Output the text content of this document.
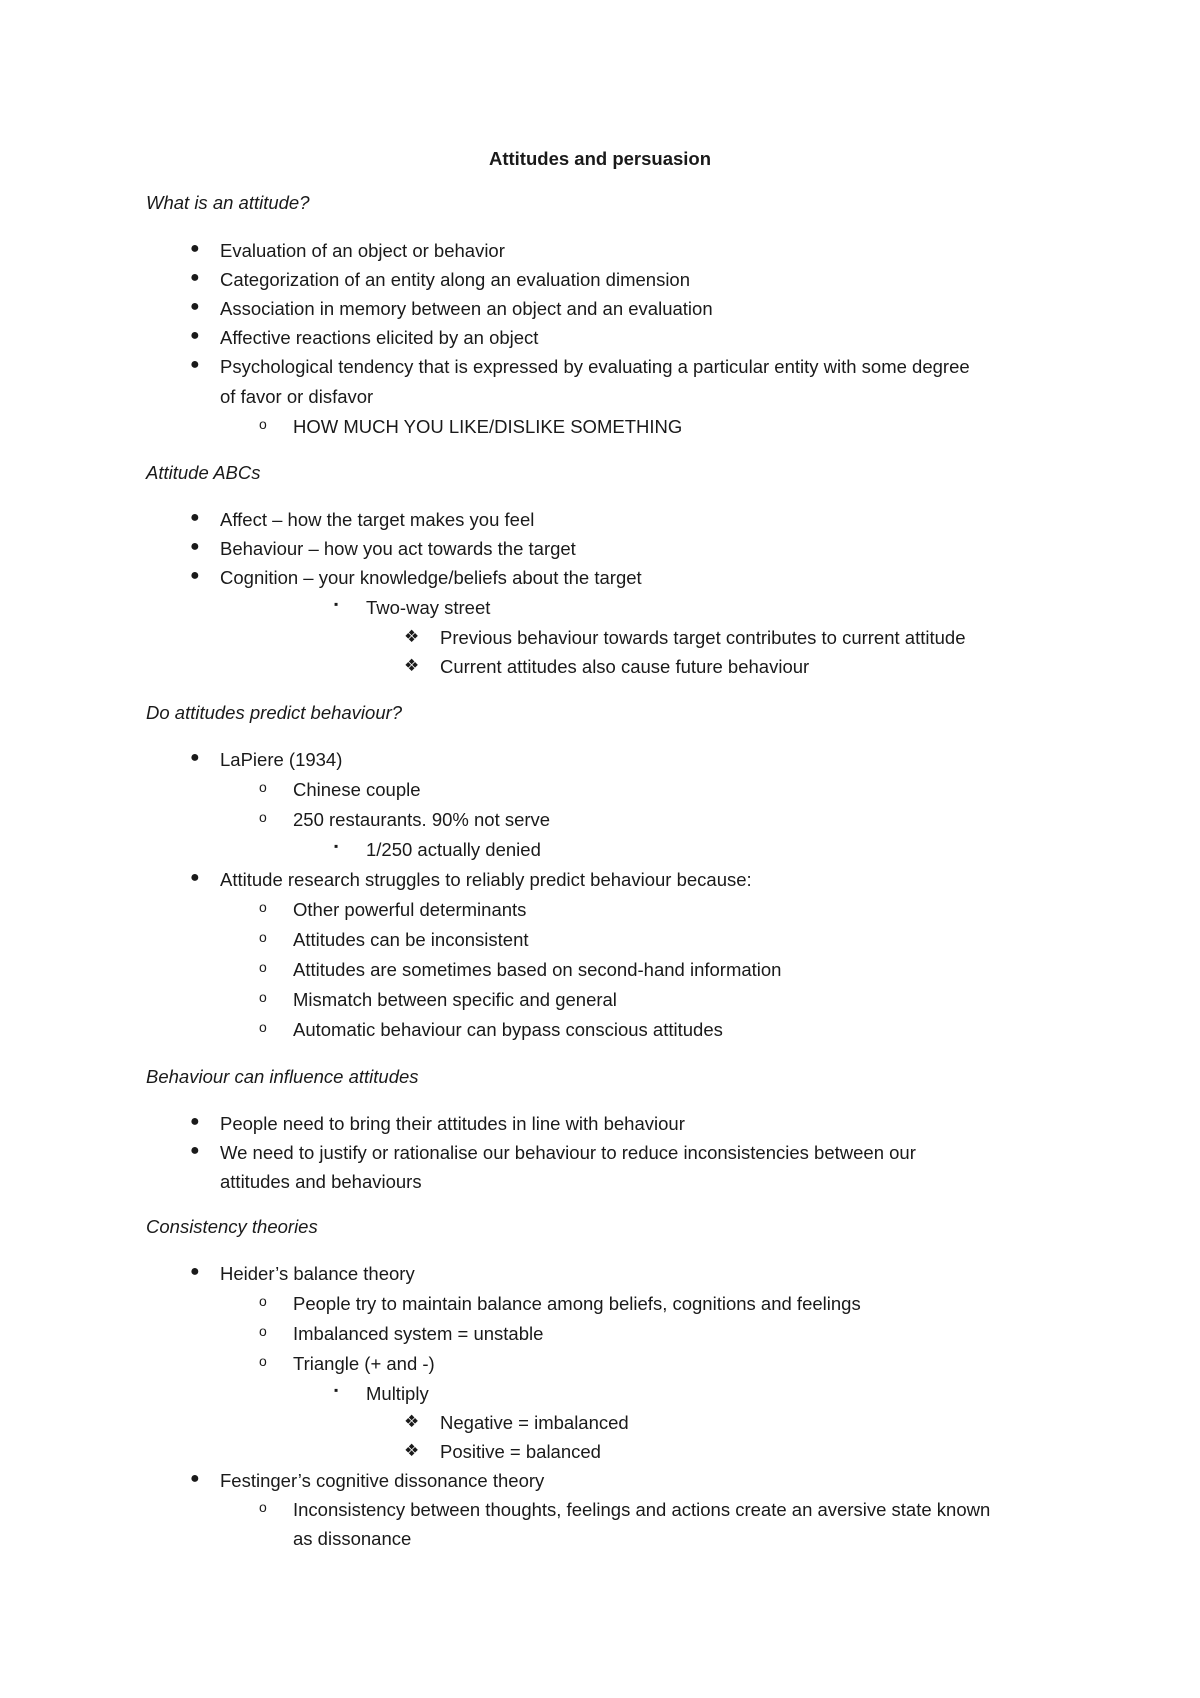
Attitudes and persuasion

What is an attitude?

● Evaluation of an object or behavior

● Categorization of an entity along an evaluation dimension

● Association in memory between an object and an evaluation

● Affective reactions elicited by an object

● Psychological tendency that is expressed by evaluating a particular entity with some degree

of favor or disfavor

o HOW MUCH YOU LIKE/DISLIKE SOMETHING

Attitude ABCs

● Affect – how the target makes you feel

● Behaviour – how you act towards the target

● Cognition – your knowledge/beliefs about the target

▪ Two-way street

❖ Previous behaviour towards target contributes to current attitude

❖ Current attitudes also cause future behaviour

Do attitudes predict behaviour?

● LaPiere (1934)

o Chinese couple

o 250 restaurants. 90% not serve

▪ 1/250 actually denied

● Attitude research struggles to reliably predict behaviour because:

o Other powerful determinants

o Attitudes can be inconsistent

o Attitudes are sometimes based on second-hand information

o Mismatch between specific and general

o Automatic behaviour can bypass conscious attitudes

Behaviour can influence attitudes

● People need to bring their attitudes in line with behaviour

● We need to justify or rationalise our behaviour to reduce inconsistencies between our

attitudes and behaviours

Consistency theories

● Heider’s balance theory

o People try to maintain balance among beliefs, cognitions and feelings

o Imbalanced system = unstable

o Triangle (+ and -)

▪ Multiply

❖ Negative = imbalanced

❖ Positive = balanced

● Festinger’s cognitive dissonance theory

o Inconsistency between thoughts, feelings and actions create an aversive state known

as dissonance
